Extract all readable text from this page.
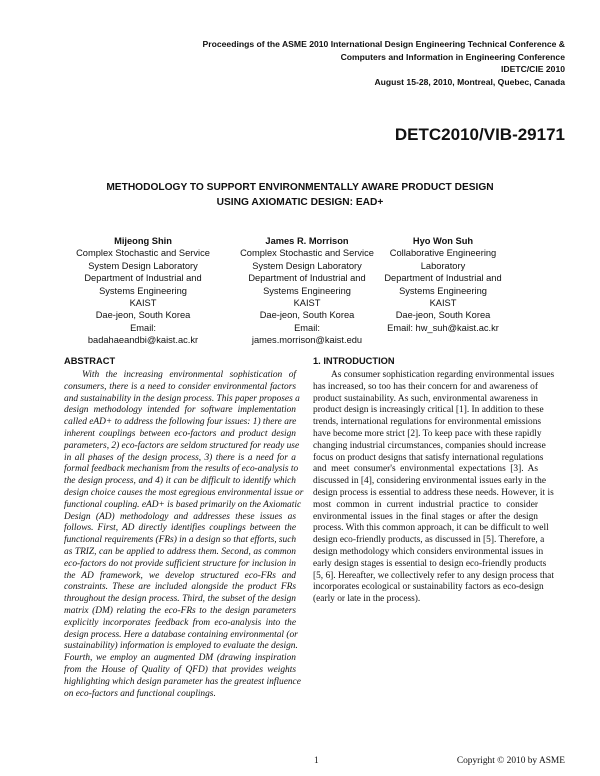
Proceedings of the ASME 2010 International Design Engineering Technical Conference &
Computers and Information in Engineering Conference
IDETC/CIE 2010
August 15-28, 2010, Montreal, Quebec, Canada
DETC2010/VIB-29171
METHODOLOGY TO SUPPORT ENVIRONMENTALLY AWARE PRODUCT DESIGN
USING AXIOMATIC DESIGN: EAD+
Mijeong Shin
Complex Stochastic and Service
System Design Laboratory
Department of Industrial and
Systems Engineering
KAIST
Dae-jeon, South Korea
Email:
badahaeandbi@kaist.ac.kr
James R. Morrison
Complex Stochastic and Service
System Design Laboratory
Department of Industrial and
Systems Engineering
KAIST
Dae-jeon, South Korea
Email:
james.morrison@kaist.edu
Hyo Won Suh
Collaborative Engineering
Laboratory
Department of Industrial and
Systems Engineering
KAIST
Dae-jeon, South Korea
Email: hw_suh@kaist.ac.kr
ABSTRACT
With the increasing environmental sophistication of
consumers, there is a need to consider environmental factors
and sustainability in the design process. This paper proposes a
design methodology intended for software implementation
called eAD+ to address the following four issues: 1) there are
inherent couplings between eco-factors and product design
parameters, 2) eco-factors are seldom structured for ready use
in all phases of the design process, 3) there is a need for a
formal feedback mechanism from the results of eco-analysis to
the design process, and 4) it can be difficult to identify which
design choice causes the most egregious environmental issue or
functional coupling. eAD+ is based primarily on the Axiomatic
Design (AD) methodology and addresses these issues as
follows. First, AD directly identifies couplings between the
functional requirements (FRs) in a design so that efforts, such
as TRIZ, can be applied to address them. Second, as common
eco-factors do not provide sufficient structure for inclusion in
the AD framework, we develop structured eco-FRs and
constraints. These are included alongside the product FRs
throughout the design process. Third, the subset of the design
matrix (DM) relating the eco-FRs to the design parameters
explicitly incorporates feedback from eco-analysis into the
design process. Here a database containing environmental (or
sustainability) information is employed to evaluate the design.
Fourth, we employ an augmented DM (drawing inspiration
from the House of Quality of QFD) that provides weights
highlighting which design parameter has the greatest influence
on eco-factors and functional couplings.
1. INTRODUCTION
As consumer sophistication regarding environmental issues
has increased, so too has their concern for and awareness of
product sustainability. As such, environmental awareness in
product design is increasingly critical [1]. In addition to these
trends, international regulations for environmental emissions
have become more strict [2]. To keep pace with these rapidly
changing industrial circumstances, companies should increase
focus on product designs that satisfy international regulations
and meet consumer's environmental expectations [3]. As
discussed in [4], considering environmental issues early in the
design process is essential to address these needs. However, it is
most common in current industrial practice to consider
environmental issues in the final stages or after the design
process. With this common approach, it can be difficult to well
design eco-friendly products, as discussed in [5]. Therefore, a
design methodology which considers environmental issues in
early design stages is essential to design eco-friendly products
[5, 6]. Hereafter, we collectively refer to any design process that
incorporates ecological or sustainability factors as eco-design
(early or late in the process).
1	Copyright © 2010 by ASME
